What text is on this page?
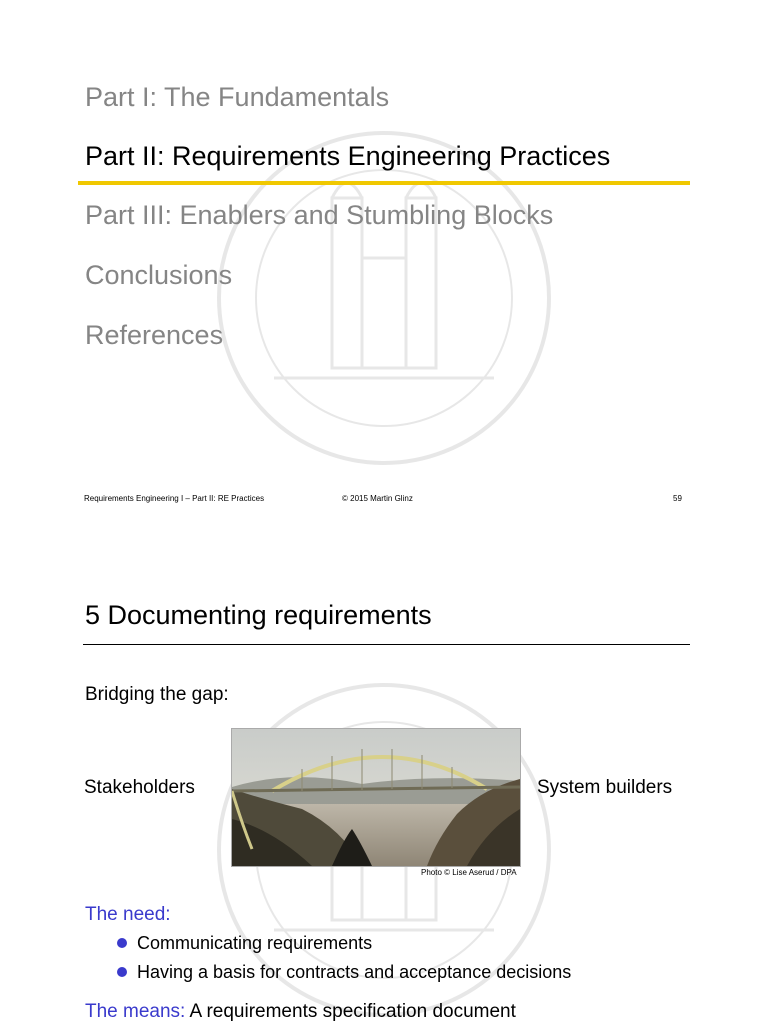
Part I: The Fundamentals
Part II: Requirements Engineering Practices
Part III: Enablers and Stumbling Blocks
Conclusions
References
Requirements Engineering I – Part II: RE Practices	© 2015 Martin Glinz	59
5 Documenting requirements
Bridging the gap:
Stakeholders
Photo © Lise Aserud / DPA
System builders
The need:
Communicating requirements
Having a basis for contracts and acceptance decisions
The means: A requirements specification document
